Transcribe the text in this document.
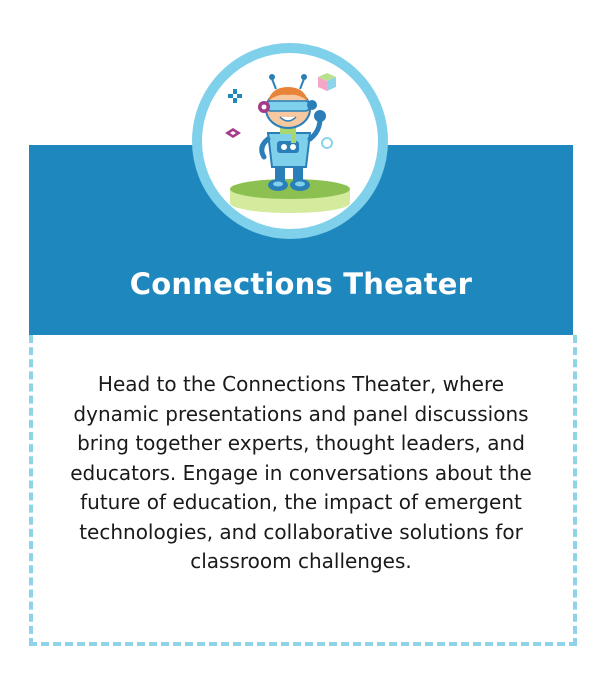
Connections Theater
Head to the Connections Theater, where dynamic presentations and panel discussions bring together experts, thought leaders, and educators. Engage in conversations about the future of education, the impact of emergent technologies, and collaborative solutions for classroom challenges.
